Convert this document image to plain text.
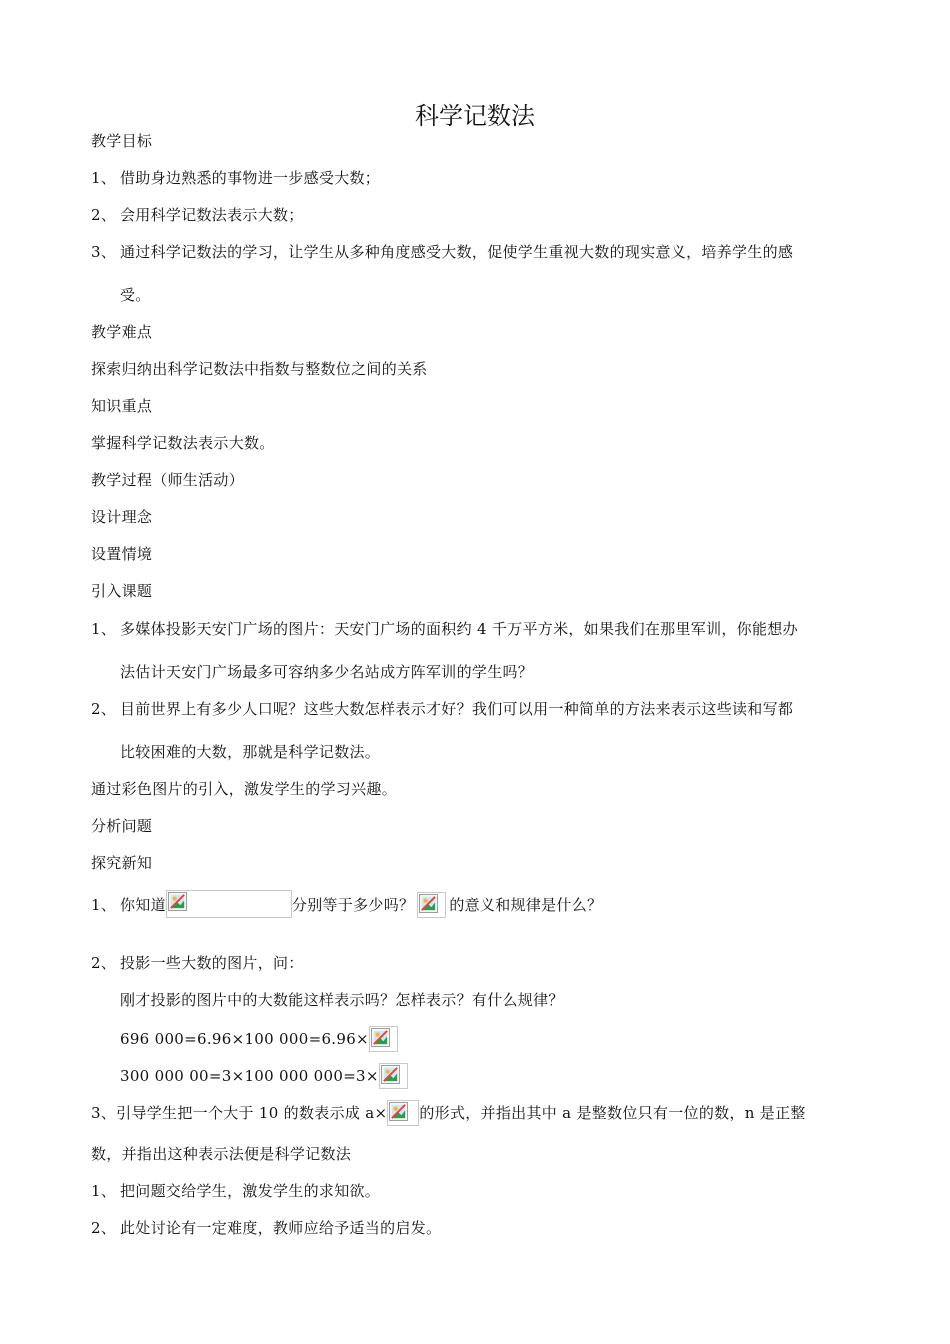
科学记数法
教学目标
1、 借助身边熟悉的事物进一步感受大数；
2、 会用科学记数法表示大数；
3、 通过科学记数法的学习，让学生从多种角度感受大数，促使学生重视大数的现实意义，培养学生的感
受。
教学难点
探索归纳出科学记数法中指数与整数位之间的关系
知识重点
掌握科学记数法表示大数。
教学过程（师生活动）
设计理念
设置情境
引入课题
1、 多媒体投影天安门广场的图片：天安门广场的面积约 4 千万平方米，如果我们在那里军训，你能想办
法估计天安门广场最多可容纳多少名站成方阵军训的学生吗？
2、 目前世界上有多少人口呢？这些大数怎样表示才好？我们可以用一种简单的方法来表示这些读和写都
比较困难的大数，那就是科学记数法。
通过彩色图片的引入，激发学生的学习兴趣。
分析问题
探究新知
1、 你知道	分别等于多少吗？ 的意义和规律是什么？
2、 投影一些大数的图片，问：
刚才投影的图片中的大数能这样表示吗？怎样表示？有什么规律？
696 000=6.96×100 000=6.96×
300 000 00=3×100 000 000=3×
3、引导学生把一个大于 10 的数表示成 a× 的形式，并指出其中 a 是整数位只有一位的数，n 是正整
数，并指出这种表示法便是科学记数法
1、 把问题交给学生，激发学生的求知欲。
2、 此处讨论有一定难度，教师应给予适当的启发。
